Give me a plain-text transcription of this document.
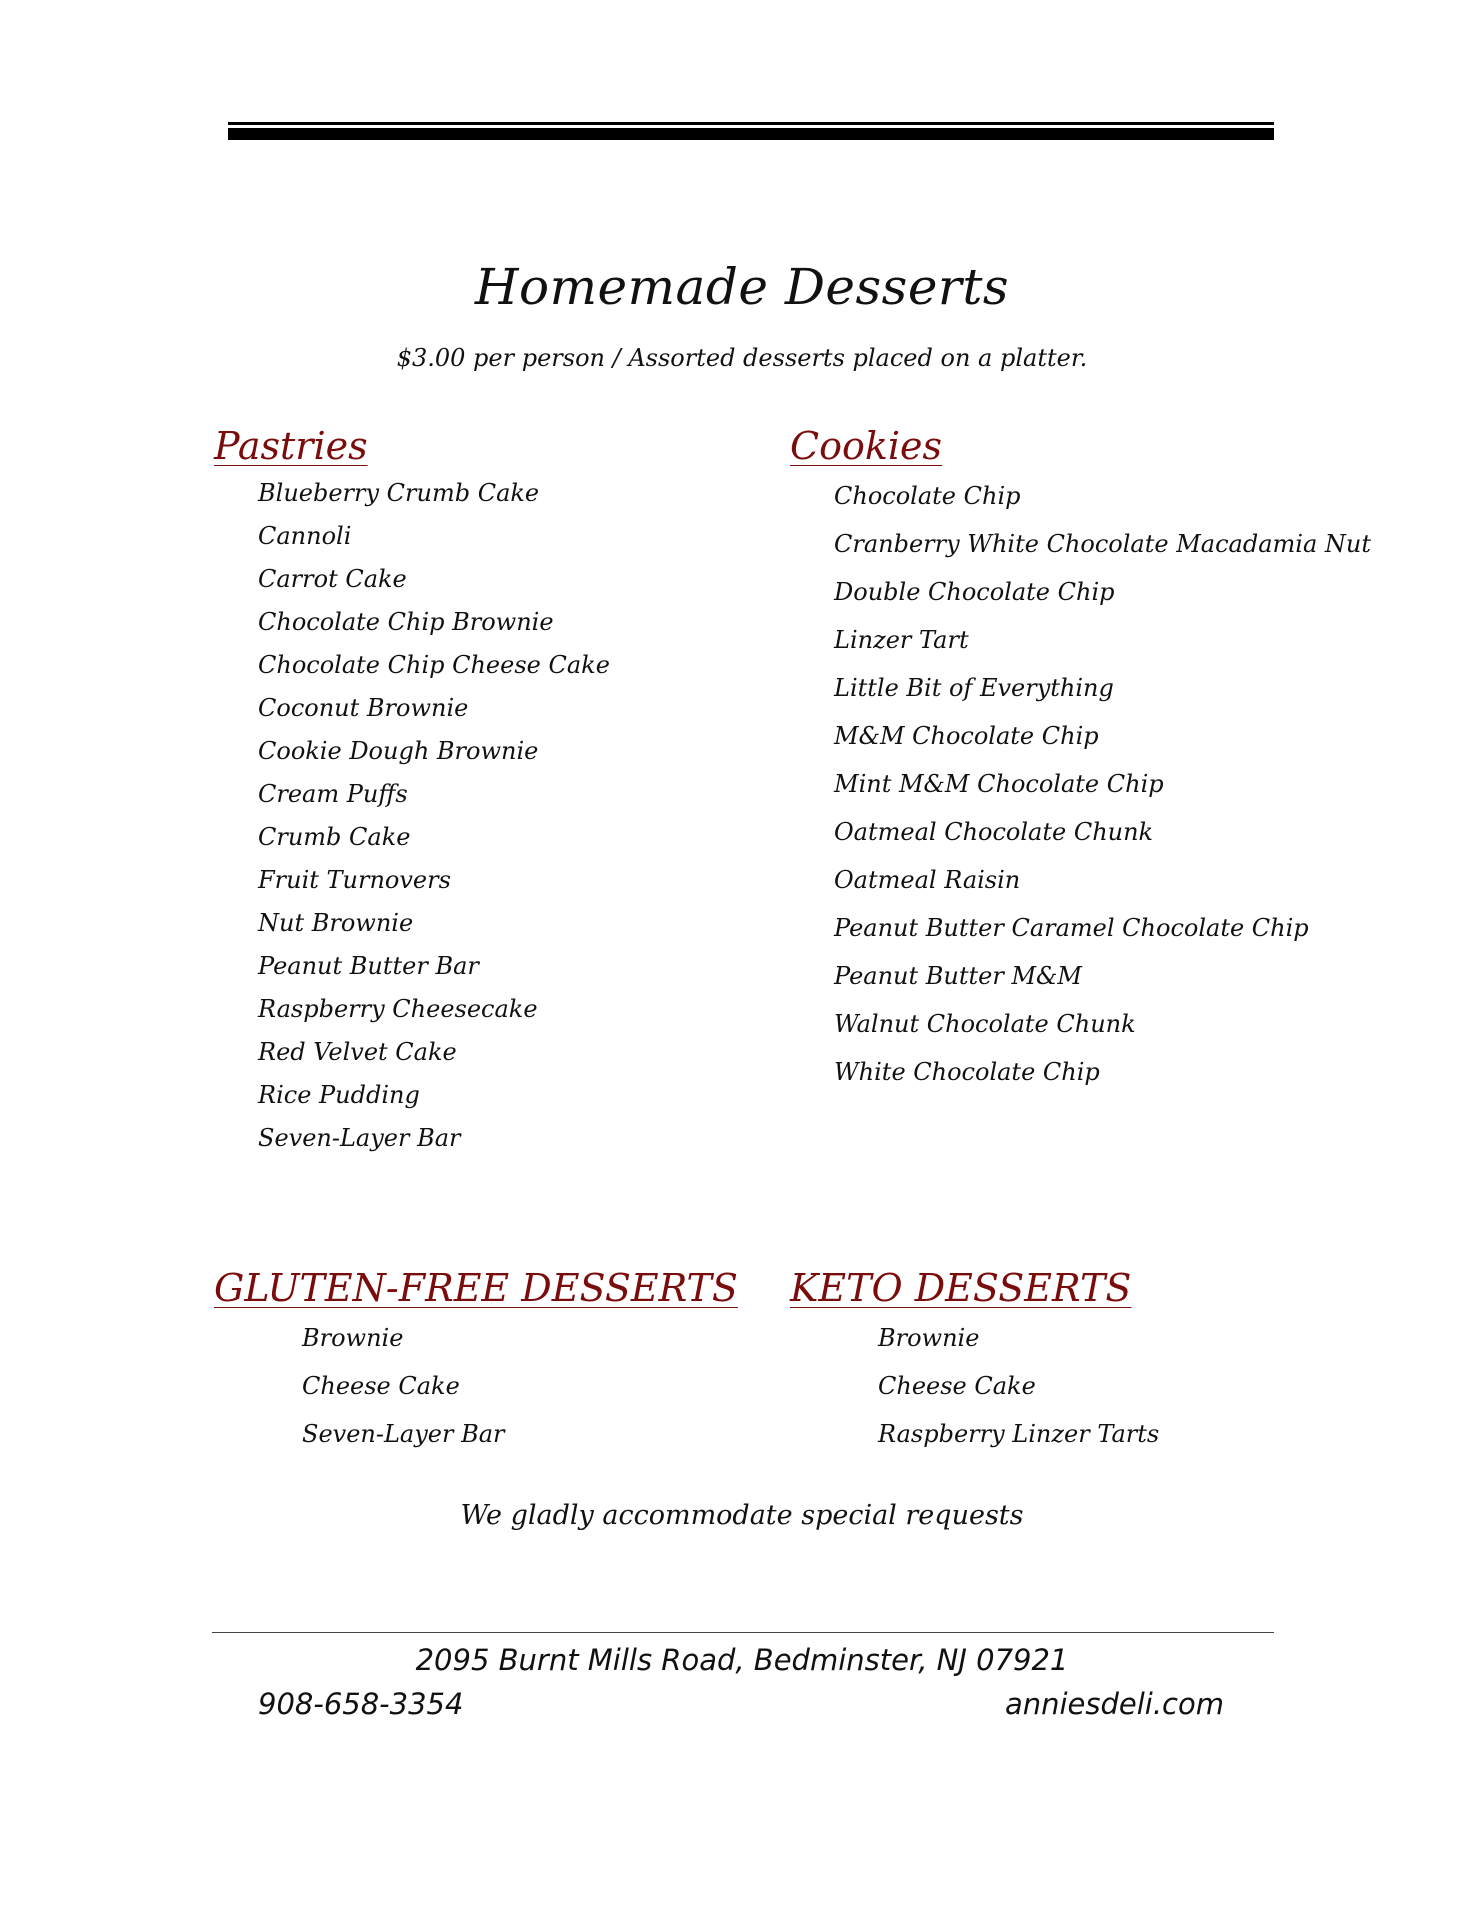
Homemade Desserts
$3.00 per person / Assorted desserts placed on a platter.
Pastries
Blueberry Crumb Cake
Cannoli
Carrot Cake
Chocolate Chip Brownie
Chocolate Chip Cheese Cake
Coconut Brownie
Cookie Dough Brownie
Cream Puffs
Crumb Cake
Fruit Turnovers
Nut Brownie
Peanut Butter Bar
Raspberry Cheesecake
Red Velvet Cake
Rice Pudding
Seven-Layer Bar
Cookies
Chocolate Chip
Cranberry White Chocolate Macadamia Nut
Double Chocolate Chip
Linzer Tart
Little Bit of Everything
M&M Chocolate Chip
Mint M&M Chocolate Chip
Oatmeal Chocolate Chunk
Oatmeal Raisin
Peanut Butter Caramel Chocolate Chip
Peanut Butter M&M
Walnut Chocolate Chunk
White Chocolate Chip
GLUTEN-FREE DESSERTS
Brownie
Cheese Cake
Seven-Layer Bar
KETO DESSERTS
Brownie
Cheese Cake
Raspberry Linzer Tarts
We gladly accommodate special requests
2095 Burnt Mills Road, Bedminster, NJ 07921
908-658-3354	anniesdeli.com
